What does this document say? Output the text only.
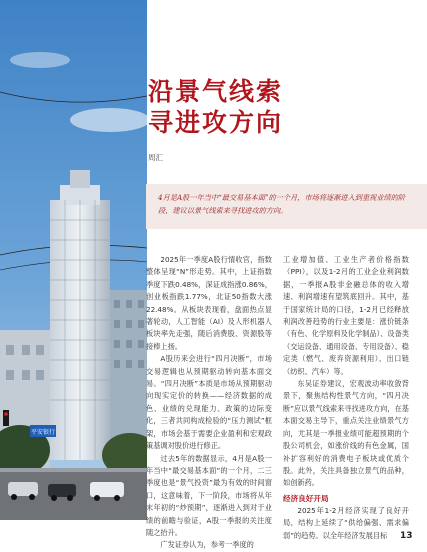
平安银行
沿景气线索
寻进攻方向
周汇
4月是A股一年当中“最交易基本面”的一个月，市场将逐渐进入到重视业绩的阶段，建议以景气线索来寻找进攻的方向。

2025年一季度A股行情收官，指数整体呈现“N”形走势。其中，上证指数季度下跌0.48%，深证成指涨0.86%，创业板指跌1.77%，北证50指数大涨22.48%。从板块表现看，盘面热点显著轮动，人工智能（AI）及人形机器人板块率先走强，随后消费股、资源股等接棒上扬。

A股历来会进行“四月决断”，市场交易逻辑也从预期驱动转向基本面交易。“四月决断”本质是市场从预期驱动向现实定价的转换——经济数据的成色、业绩的兑现能力、政策的边际变化，三者共同构成检验的“压力测试”框架，市场会基于需要企业盈利和宏观政策基调对股价进行修正。

过去5年的数据显示，4月是A股一年当中“最交易基本面”的一个月，二三季度也是“景气投资”最为有效的时间窗口，这意味着，下一阶段，市场将从年末年初的“炒预期”，逐渐进入到对于业绩的前瞻与验证，A股一季报的关注度随之抬升。

广发证券认为，参考一季度的

工业增加值、工业生产者价格指数（PPI），以及1-2月的工业企业利润数据，一季报A股非金融总体的收入增速、利润增速有望筑底回升。其中，基于国家统计局的口径，1-2月已经释放利润改善趋势的行业主要是：涨价链条（有色、化学原料及化学制品）、设备类（交运设备、通用设备、专用设备）、稳定类（燃气、废弃资源利用）、出口链（纺织、汽车）等。

东吴证券建议，宏观波动率收敛背景下，聚焦结构性景气方向，“四月决断”应以景气线索来寻找进攻方向，在基本面交易主导下，重点关注业绩景气方向，尤其是一季报业绩可能超预期的个股公司机会，如涨价线的有色金属，国补扩容利好的消费电子板块或优质个股。此外，关注具备独立景气的品种，如创新药。

经济良好开局

2025年1-2月经济实现了良好开局，结构上延续了“供给偏强、需求偏弱”的趋势。以全年经济发展目标	13
